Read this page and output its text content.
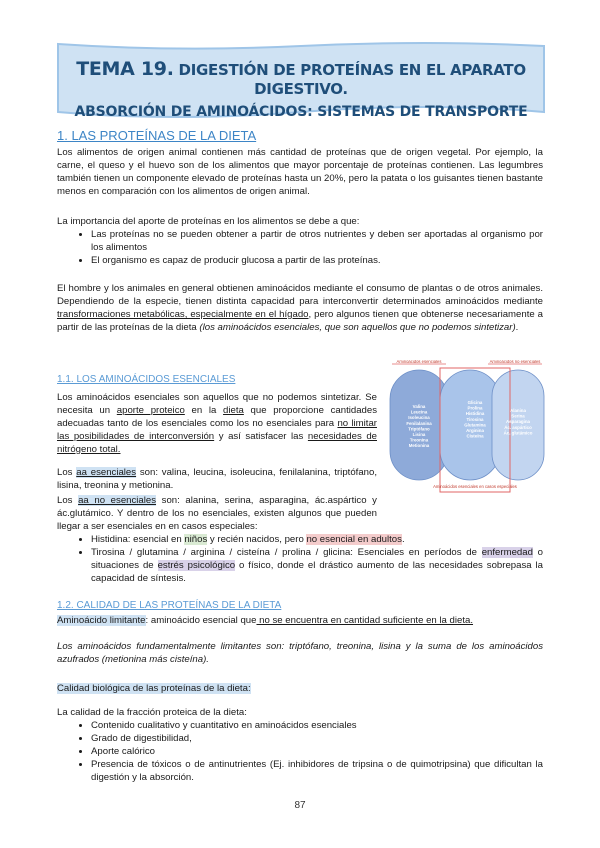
TEMA 19. DIGESTIÓN DE PROTEÍNAS EN EL APARATO DIGESTIVO.
ABSORCIÓN DE AMINOÁCIDOS: SISTEMAS DE TRANSPORTE
1. LAS PROTEÍNAS DE LA DIETA
Los alimentos de origen animal contienen más cantidad de proteínas que de origen vegetal. Por ejemplo, la carne, el queso y el huevo son de los alimentos que mayor porcentaje de proteínas contienen. Las legumbres también tienen un componente elevado de proteínas hasta un 20%, pero la patata o los guisantes tienen bastante menos en comparación con los alimentos de origen animal.
La importancia del aporte de proteínas en los alimentos se debe a que:
• Las proteínas no se pueden obtener a partir de otros nutrientes y deben ser aportadas al organismo por los alimentos
• El organismo es capaz de producir glucosa a partir de las proteínas.
El hombre y los animales en general obtienen aminoácidos mediante el consumo de plantas o de otros animales. Dependiendo de la especie, tienen distinta capacidad para interconvertir determinados aminoácidos mediante transformaciones metabólicas, especialmente en el hígado, pero algunos tienen que obtenerse necesariamente a partir de las proteínas de la dieta (los aminoácidos esenciales, que son aquellos que no podemos sintetizar).
1.1. LOS AMINOÁCIDOS ESENCIALES
Los aminoácidos esenciales son aquellos que no podemos sintetizar. Se necesita un aporte proteico en la dieta que proporcione cantidades adecuadas tanto de los esenciales como los no esenciales para no limitar las posibilidades de interconversión y así satisfacer las necesidades de nitrógeno total.
Los aa esenciales son: valina, leucina, isoleucina, fenilalanina, triptófano, lisina, treonina y metionina.
Los aa no esenciales son: alanina, serina, asparagina, ác.aspártico y ác.glutámico. Y dentro de los no esenciales, existen algunos que pueden llegar a ser esenciales en en casos especiales:
• Histidina: esencial en niños y recién nacidos, pero no esencial en adultos.
• Tirosina / glutamina / arginina / cisteína / prolina / glicina: Esenciales en períodos de enfermedad o situaciones de estrés psicológico o físico, donde el drástico aumento de las necesidades sobrepasa la capacidad de síntesis.
Aminoácidos esenciales	Aminoácidos no esenciales
Valina
Leucina
Isoleucina
Fenilalanina
Triptófano
Lisina
Treonina
Metionina
Glicina
Prolina
Histidina
Tirosina
Glutamina
Arginina
Cisteína
Alanina
Serina
Asparagina
Ác. aspártico
Ác. glutámico
Aminoácidos esenciales en casos especiales
1.2. CALIDAD DE LAS PROTEÍNAS DE LA DIETA
Aminoácido limitante: aminoácido esencial que no se encuentra en cantidad suficiente en la dieta.
Los aminoácidos fundamentalmente limitantes son: triptófano, treonina, lisina y la suma de los aminoácidos azufrados (metionina más cisteína).
Calidad biológica de las proteínas de la dieta:
La calidad de la fracción proteica de la dieta:
• Contenido cualitativo y cuantitativo en aminoácidos esenciales
• Grado de digestibilidad,
• Aporte calórico
• Presencia de tóxicos o de antinutrientes (Ej. inhibidores de tripsina o de quimotripsina) que dificultan la digestión y la absorción.
87
